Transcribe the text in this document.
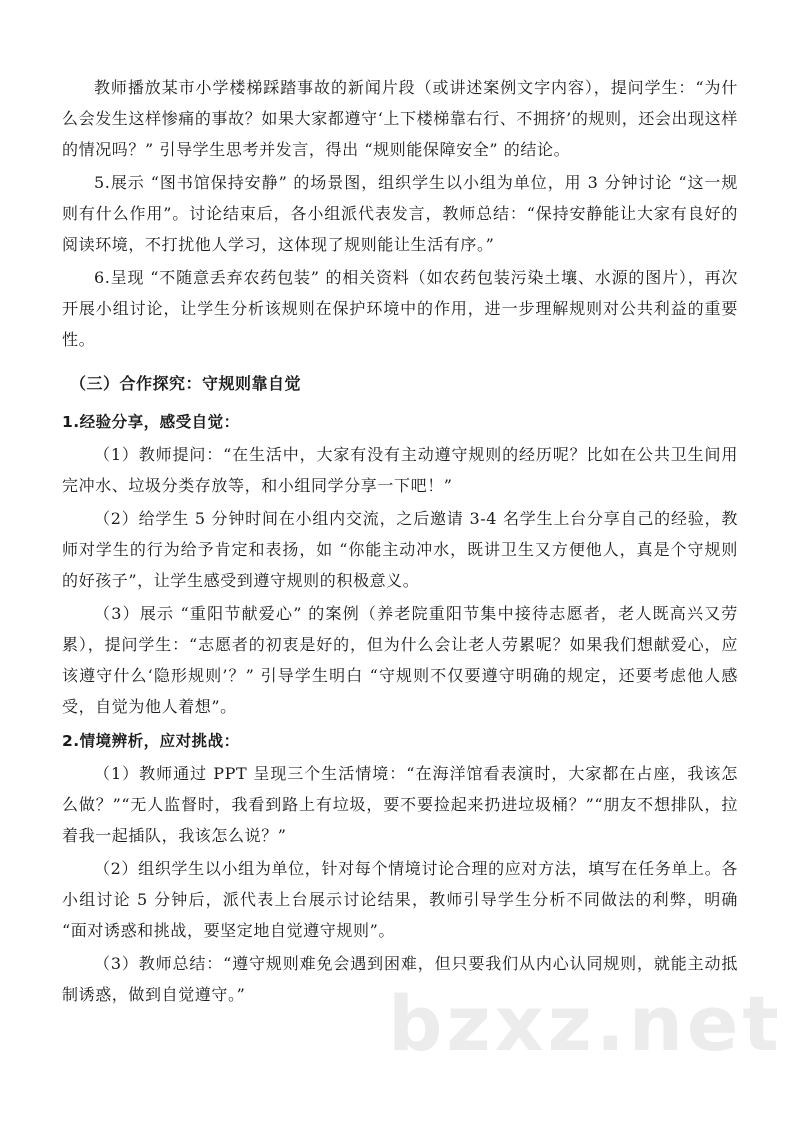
教师播放某市小学楼梯踩踏事故的新闻片段（或讲述案例文字内容），提问学生：“为什么会发生这样惨痛的事故？如果大家都遵守‘上下楼梯靠右行、不拥挤’的规则，还会出现这样的情况吗？” 引导学生思考并发言，得出 “规则能保障安全” 的结论。

5.展示 “图书馆保持安静” 的场景图，组织学生以小组为单位，用 3 分钟讨论 “这一规则有什么作用”。讨论结束后，各小组派代表发言，教师总结：“保持安静能让大家有良好的阅读环境，不打扰他人学习，这体现了规则能让生活有序。”

6.呈现 “不随意丢弃农药包装” 的相关资料（如农药包装污染土壤、水源的图片），再次开展小组讨论，让学生分析该规则在保护环境中的作用，进一步理解规则对公共利益的重要性。

（三）合作探究：守规则靠自觉
1.经验分享，感受自觉：

（1）教师提问：“在生活中，大家有没有主动遵守规则的经历呢？比如在公共卫生间用完冲水、垃圾分类存放等，和小组同学分享一下吧！”

（2）给学生 5 分钟时间在小组内交流，之后邀请 3-4 名学生上台分享自己的经验，教师对学生的行为给予肯定和表扬，如 “你能主动冲水，既讲卫生又方便他人，真是个守规则的好孩子”，让学生感受到遵守规则的积极意义。

（3）展示 “重阳节献爱心” 的案例（养老院重阳节集中接待志愿者，老人既高兴又劳累），提问学生：“志愿者的初衷是好的，但为什么会让老人劳累呢？如果我们想献爱心，应该遵守什么‘隐形规则’？” 引导学生明白 “守规则不仅要遵守明确的规定，还要考虑他人感受，自觉为他人着想”。

2.情境辨析，应对挑战：

（1）教师通过 PPT 呈现三个生活情境：“在海洋馆看表演时，大家都在占座，我该怎么做？”“无人监督时，我看到路上有垃圾，要不要捡起来扔进垃圾桶？”“朋友不想排队，拉着我一起插队，我该怎么说？”

（2）组织学生以小组为单位，针对每个情境讨论合理的应对方法，填写在任务单上。各小组讨论 5 分钟后，派代表上台展示讨论结果，教师引导学生分析不同做法的利弊，明确 “面对诱惑和挑战，要坚定地自觉遵守规则”。

（3）教师总结：“遵守规则难免会遇到困难，但只要我们从内心认同规则，就能主动抵制诱惑，做到自觉遵守。”	bzxz.net
